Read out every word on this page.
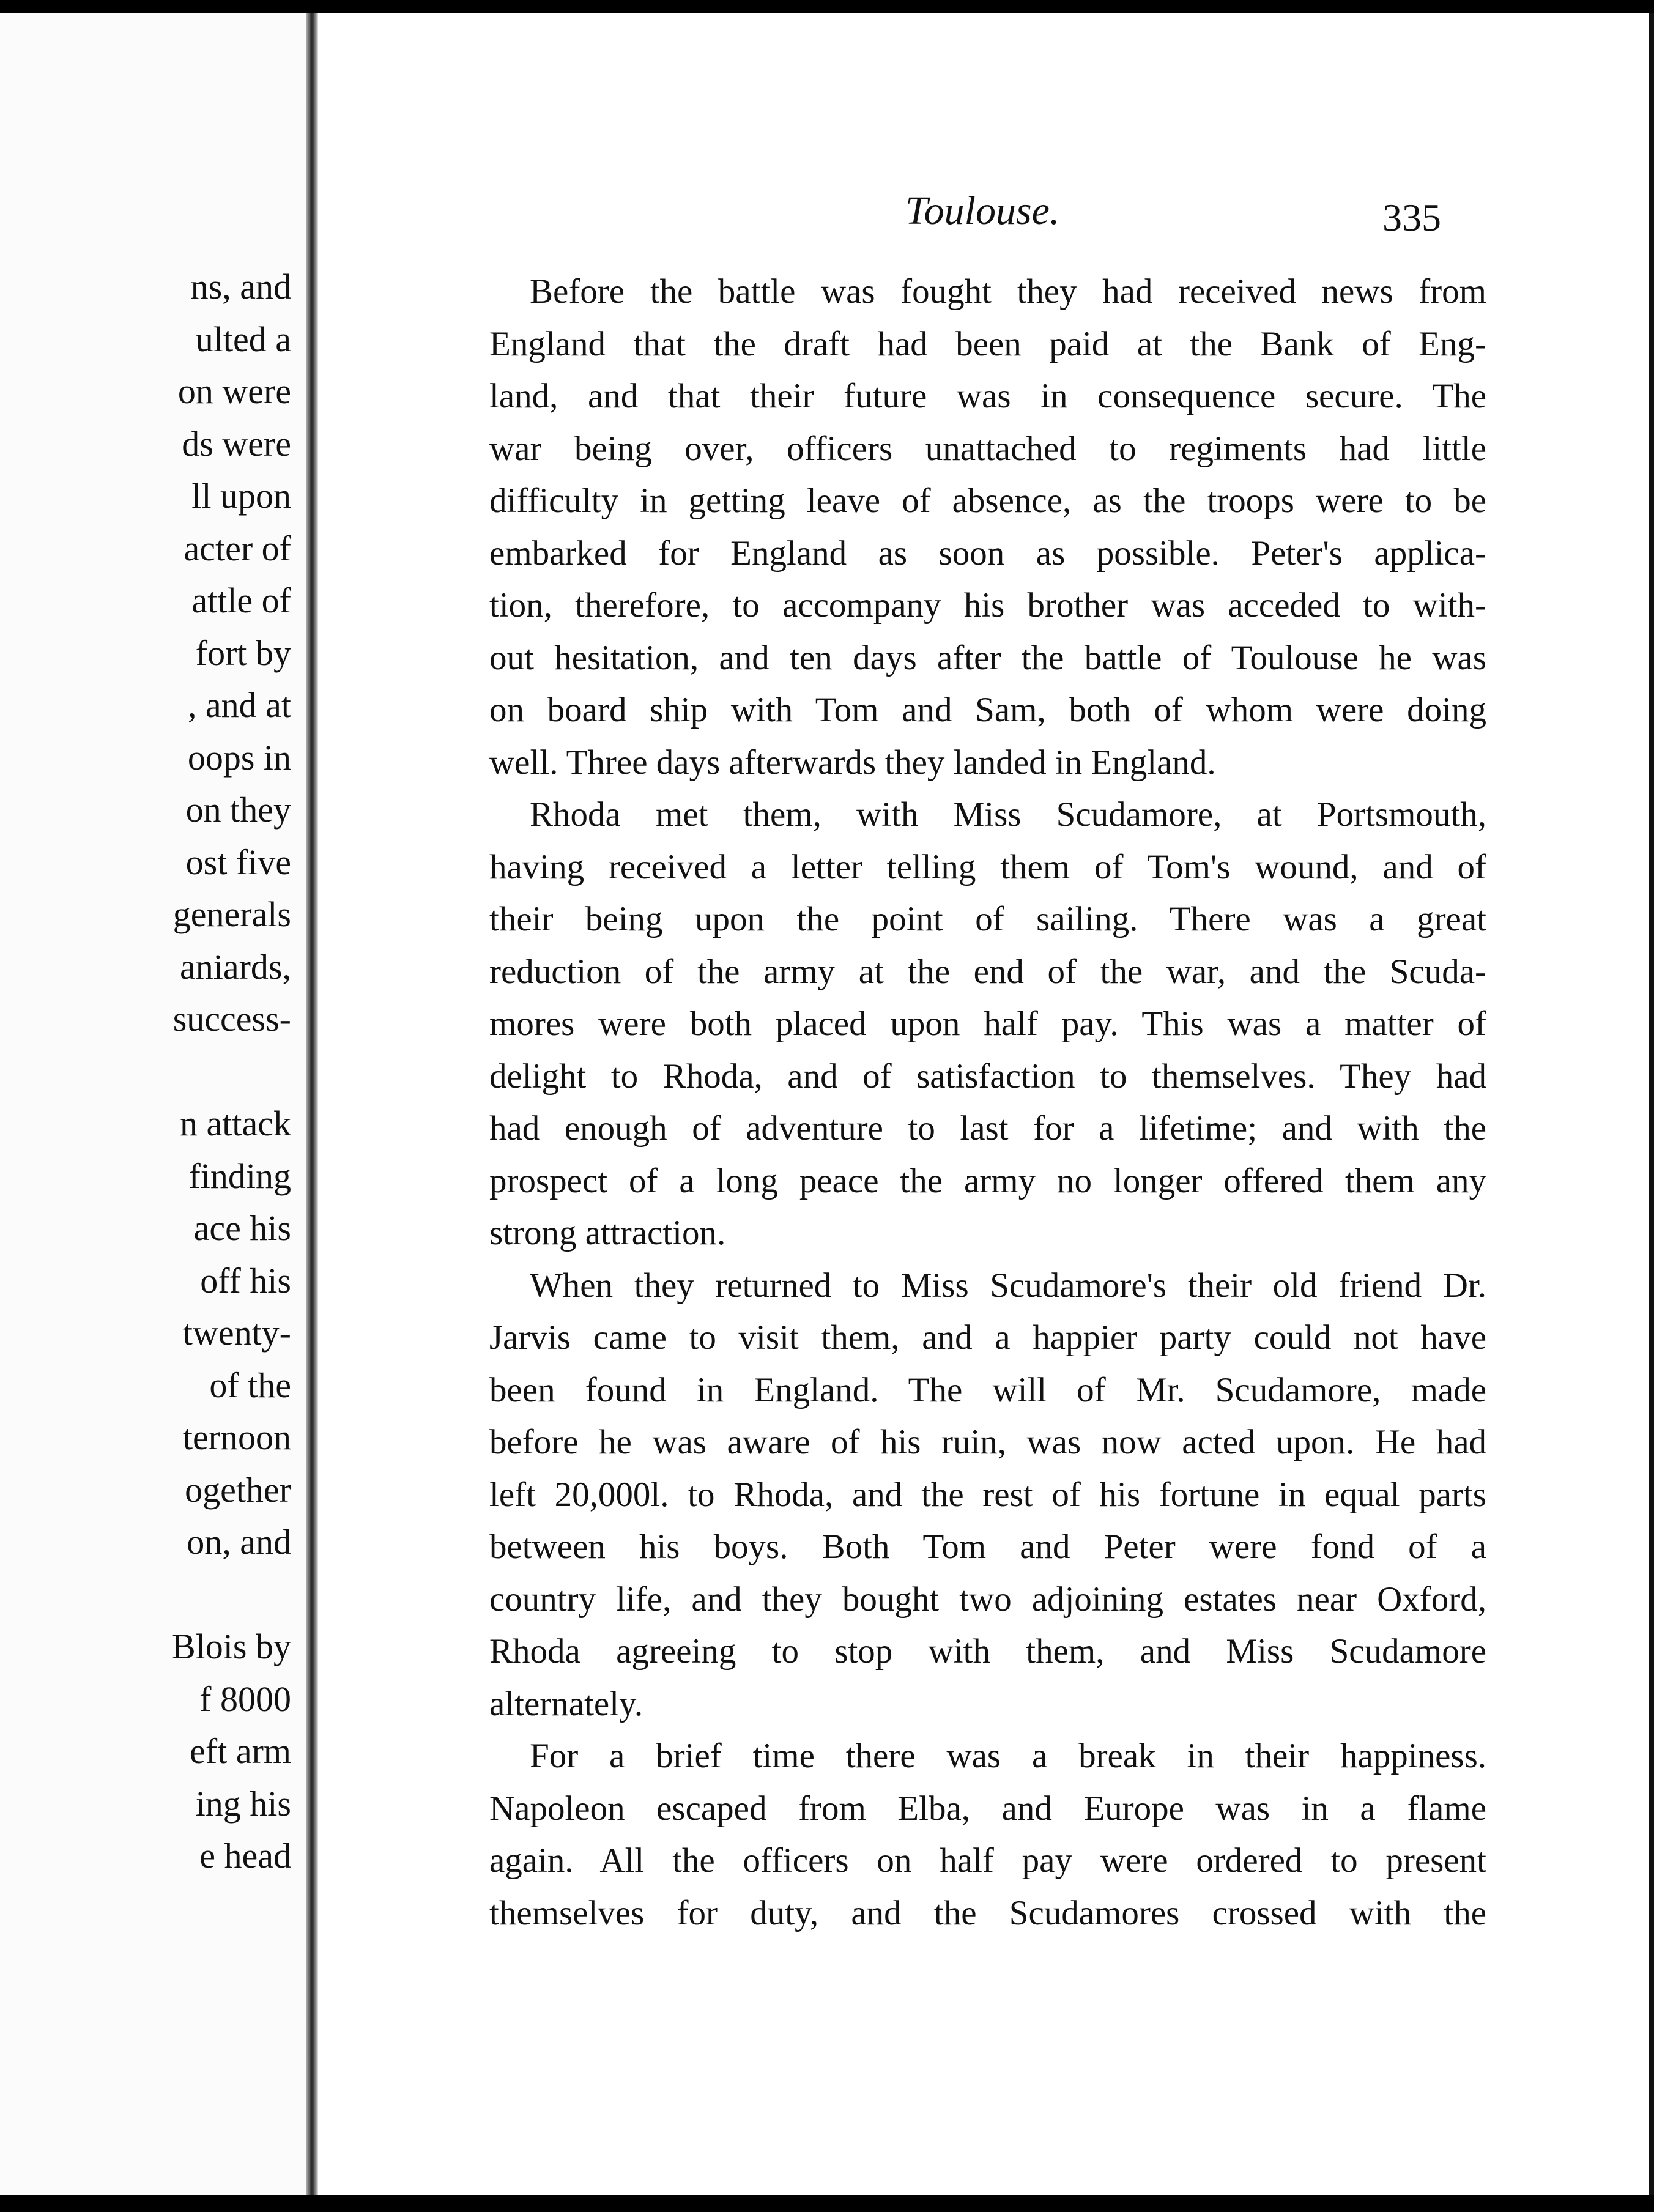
ns, and
ulted a
on were
ds were
ll upon
acter of
attle of
fort by
, and at
oops in
on they
ost five
generals
aniards,
success-
n attack
finding
ace his
off his
twenty-
of the
ternoon
ogether
on, and
Blois by
f 8000
eft arm
ing his
e head
Toulouse.	335
Before the battle was fought they had received news from
England that the draft had been paid at the Bank of Eng-
land, and that their future was in consequence secure. The
war being over, officers unattached to regiments had little
difficulty in getting leave of absence, as the troops were to be
embarked for England as soon as possible. Peter's applica-
tion, therefore, to accompany his brother was acceded to with-
out hesitation, and ten days after the battle of Toulouse he was
on board ship with Tom and Sam, both of whom were doing
well. Three days afterwards they landed in England.
Rhoda met them, with Miss Scudamore, at Portsmouth,
having received a letter telling them of Tom's wound, and of
their being upon the point of sailing. There was a great
reduction of the army at the end of the war, and the Scuda-
mores were both placed upon half pay. This was a matter of
delight to Rhoda, and of satisfaction to themselves. They had
had enough of adventure to last for a lifetime; and with the
prospect of a long peace the army no longer offered them any
strong attraction.
When they returned to Miss Scudamore's their old friend Dr.
Jarvis came to visit them, and a happier party could not have
been found in England. The will of Mr. Scudamore, made
before he was aware of his ruin, was now acted upon. He had
left 20,000l. to Rhoda, and the rest of his fortune in equal parts
between his boys. Both Tom and Peter were fond of a
country life, and they bought two adjoining estates near Oxford,
Rhoda agreeing to stop with them, and Miss Scudamore
alternately.
For a brief time there was a break in their happiness.
Napoleon escaped from Elba, and Europe was in a flame
again. All the officers on half pay were ordered to present
themselves for duty, and the Scudamores crossed with the
